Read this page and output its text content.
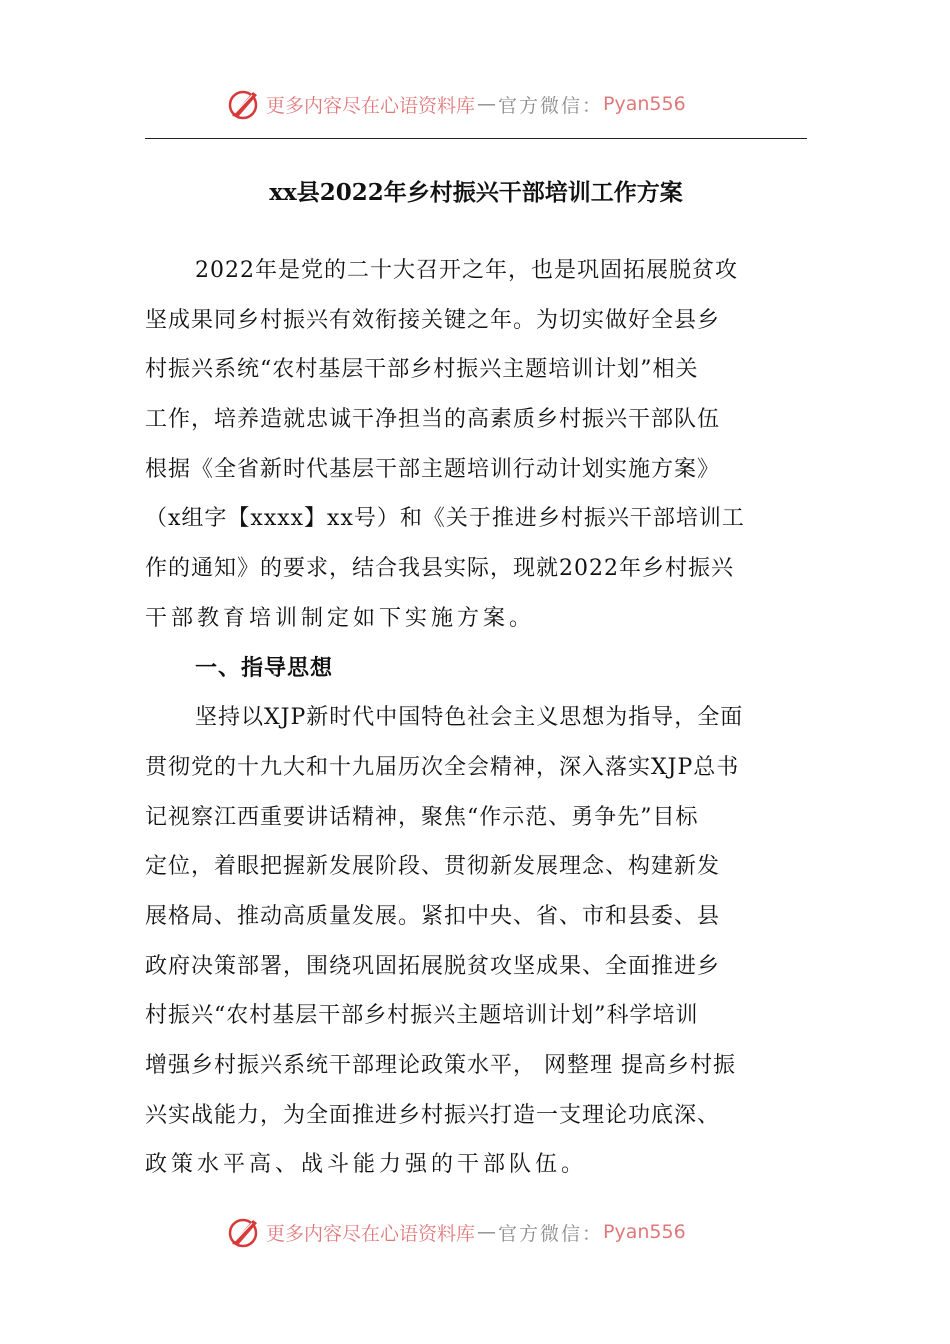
更多内容尽在心语资料库 — 官方微信： Pyan556
xx县2022年乡村振兴干部培训工作方案
2022年是党的二十大召开之年，也是巩固拓展脱贫攻
坚成果同乡村振兴有效衔接关键之年。为切实做好全县乡
村振兴系统“农村基层干部乡村振兴主题培训计划”相关
工作，培养造就忠诚干净担当的高素质乡村振兴干部队伍
根据《全省新时代基层干部主题培训行动计划实施方案》
（x组字【xxxx】xx号）和《关于推进乡村振兴干部培训工
作的通知》的要求，结合我县实际，现就2022年乡村振兴
干部教育培训制定如下实施方案。
一、指导思想
坚持以XJP新时代中国特色社会主义思想为指导，全面
贯彻党的十九大和十九届历次全会精神，深入落实XJP总书
记视察江西重要讲话精神，聚焦“作示范、勇争先”目标
定位，着眼把握新发展阶段、贯彻新发展理念、构建新发
展格局、推动高质量发展。紧扣中央、省、市和县委、县
政府决策部署，围绕巩固拓展脱贫攻坚成果、全面推进乡
村振兴“农村基层干部乡村振兴主题培训计划”科学培训
增强乡村振兴系统干部理论政策水平， 网整理 提高乡村振
兴实战能力，为全面推进乡村振兴打造一支理论功底深、
政策水平高、战斗能力强的干部队伍。
更多内容尽在心语资料库 — 官方微信： Pyan556
